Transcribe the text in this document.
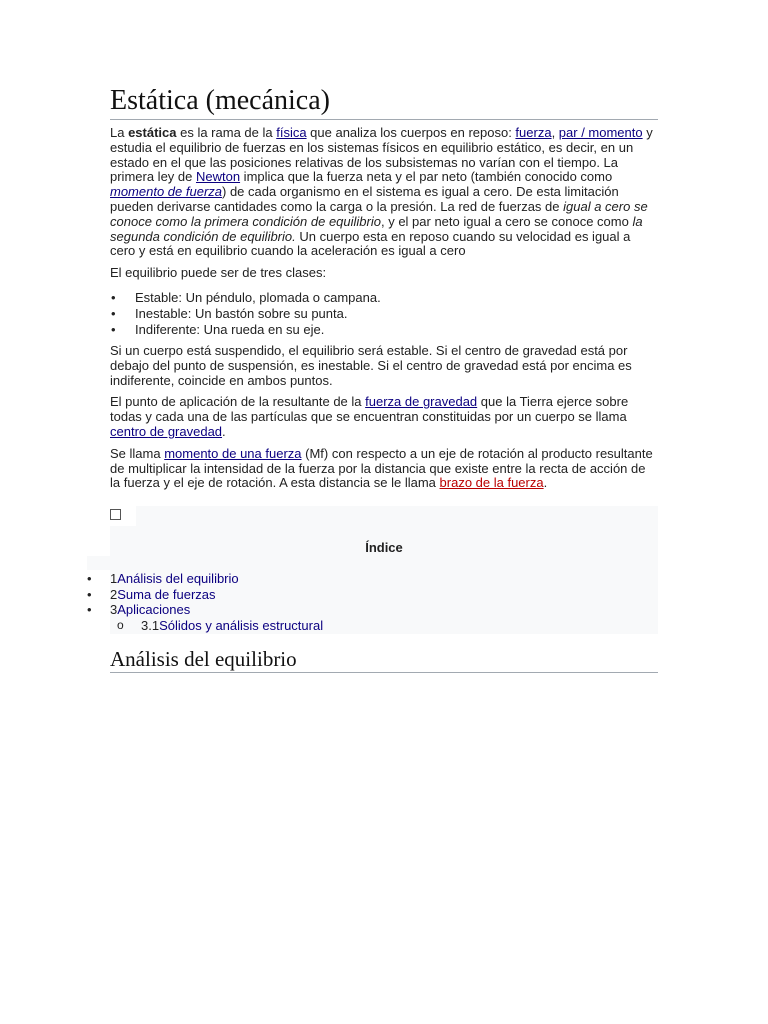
Estática (mecánica)

La estática es la rama de la física que analiza los cuerpos en reposo: fuerza, par / momento y estudia el equilibrio de fuerzas en los sistemas físicos en equilibrio estático, es decir, en un estado en el que las posiciones relativas de los subsistemas no varían con el tiempo. La primera ley de Newton implica que la fuerza neta y el par neto (también conocido como momento de fuerza) de cada organismo en el sistema es igual a cero. De esta limitación pueden derivarse cantidades como la carga o la presión. La red de fuerzas de igual a cero se conoce como la primera condición de equilibrio, y el par neto igual a cero se conoce como la segunda condición de equilibrio. Un cuerpo esta en reposo cuando su velocidad es igual a cero y está en equilibrio cuando la aceleración es igual a cero

El equilibrio puede ser de tres clases:

• Estable: Un péndulo, plomada o campana.
• Inestable: Un bastón sobre su punta.
• Indiferente: Una rueda en su eje.

Si un cuerpo está suspendido, el equilibrio será estable. Si el centro de gravedad está por debajo del punto de suspensión, es inestable. Si el centro de gravedad está por encima es indiferente, coincide en ambos puntos.

El punto de aplicación de la resultante de la fuerza de gravedad que la Tierra ejerce sobre todas y cada una de las partículas que se encuentran constituidas por un cuerpo se llama centro de gravedad.

Se llama momento de una fuerza (Mf) con respecto a un eje de rotación al producto resultante de multiplicar la intensidad de la fuerza por la distancia que existe entre la recta de acción de la fuerza y el eje de rotación. A esta distancia se le llama brazo de la fuerza.

Índice
• 1Análisis del equilibrio
• 2Suma de fuerzas
• 3Aplicaciones
o 3.1Sólidos y análisis estructural
Análisis del equilibrio
